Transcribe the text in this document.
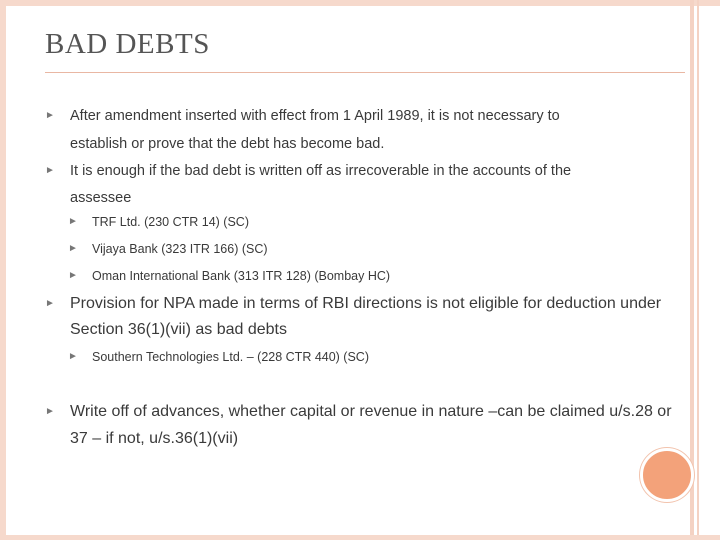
BAD DEBTS
► After amendment inserted with effect from 1 April 1989, it is not necessary to
establish or prove that the debt has become bad.
► It is enough if the bad debt is written off as irrecoverable in the accounts of the
assessee
► TRF Ltd. (230 CTR 14) (SC)
► Vijaya Bank (323 ITR 166) (SC)
► Oman International Bank (313 ITR 128) (Bombay HC)
► Provision for NPA made in terms of RBI directions is not eligible for deduction under
Section 36(1)(vii) as bad debts
► Southern Technologies Ltd. – (228 CTR 440) (SC)
► Write off of advances, whether capital or revenue in nature –can be claimed u/s.28 or
37 – if not, u/s.36(1)(vii)
